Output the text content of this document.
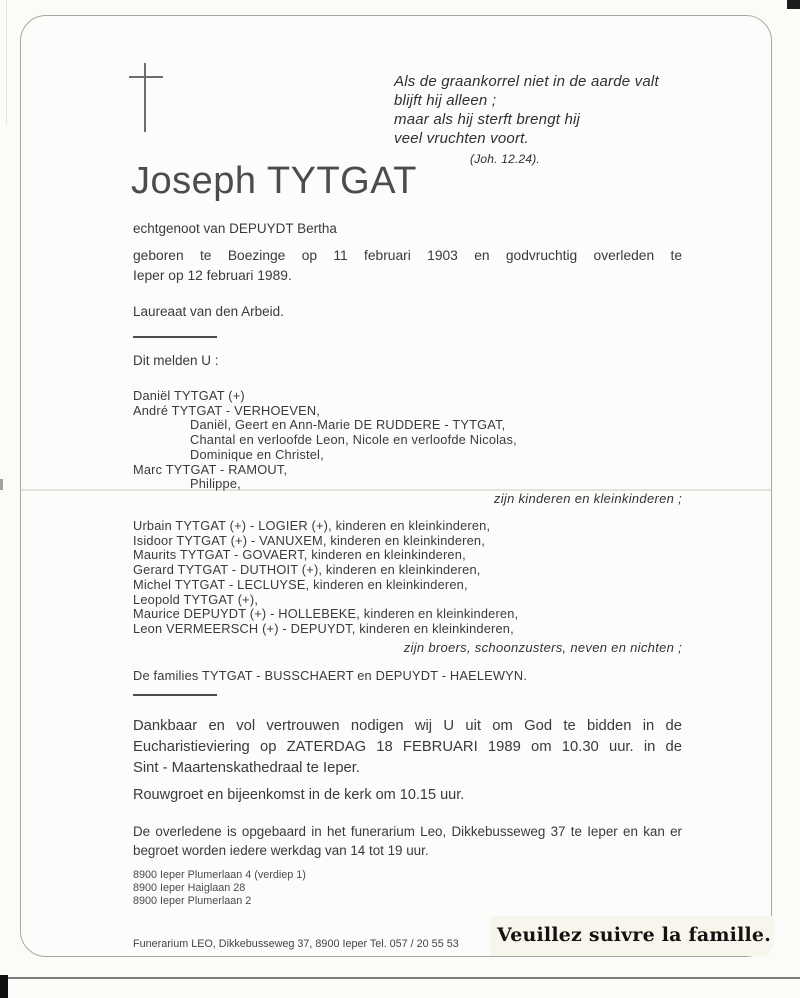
Als de graankorrel niet in de aarde valt
blijft hij alleen ;
maar als hij sterft brengt hij
veel vruchten voort.
(Joh. 12.24).
Joseph TYTGAT
echtgenoot van DEPUYDT Bertha
geboren te Boezinge op 11 februari 1903 en godvruchtig overleden te
Ieper op 12 februari 1989.
Laureaat van den Arbeid.
Dit melden U :
Daniël TYTGAT (+)
André TYTGAT - VERHOEVEN,
Daniël, Geert en Ann-Marie DE RUDDERE - TYTGAT,
Chantal en verloofde Leon, Nicole en verloofde Nicolas,
Dominique en Christel,
Marc TYTGAT - RAMOUT,
Philippe,
zijn kinderen en kleinkinderen ;
Urbain TYTGAT (+) - LOGIER (+), kinderen en kleinkinderen,
Isidoor TYTGAT (+) - VANUXEM, kinderen en kleinkinderen,
Maurits TYTGAT - GOVAERT, kinderen en kleinkinderen,
Gerard TYTGAT - DUTHOIT (+), kinderen en kleinkinderen,
Michel TYTGAT - LECLUYSE, kinderen en kleinkinderen,
Leopold TYTGAT (+),
Maurice DEPUYDT (+) - HOLLEBEKE, kinderen en kleinkinderen,
Leon VERMEERSCH (+) - DEPUYDT, kinderen en kleinkinderen,
zijn broers, schoonzusters, neven en nichten ;
De families TYTGAT - BUSSCHAERT en DEPUYDT - HAELEWYN.
Dankbaar en vol vertrouwen nodigen wij U uit om God te bidden in de
Eucharistieviering op ZATERDAG 18 FEBRUARI 1989 om 10.30 uur. in de
Sint - Maartenskathedraal te Ieper.
Rouwgroet en bijeenkomst in de kerk om 10.15 uur.
De overledene is opgebaard in het funerarium Leo, Dikkebusseweg 37 te Ieper en kan er
begroet worden iedere werkdag van 14 tot 19 uur.
8900 Ieper Plumerlaan 4 (verdiep 1)
8900 Ieper Haiglaan 28
8900 Ieper Plumerlaan 2
Funerarium LEO, Dikkebusseweg 37, 8900 Ieper Tel. 057 / 20 55 53 Veuillez suivre la famille.
